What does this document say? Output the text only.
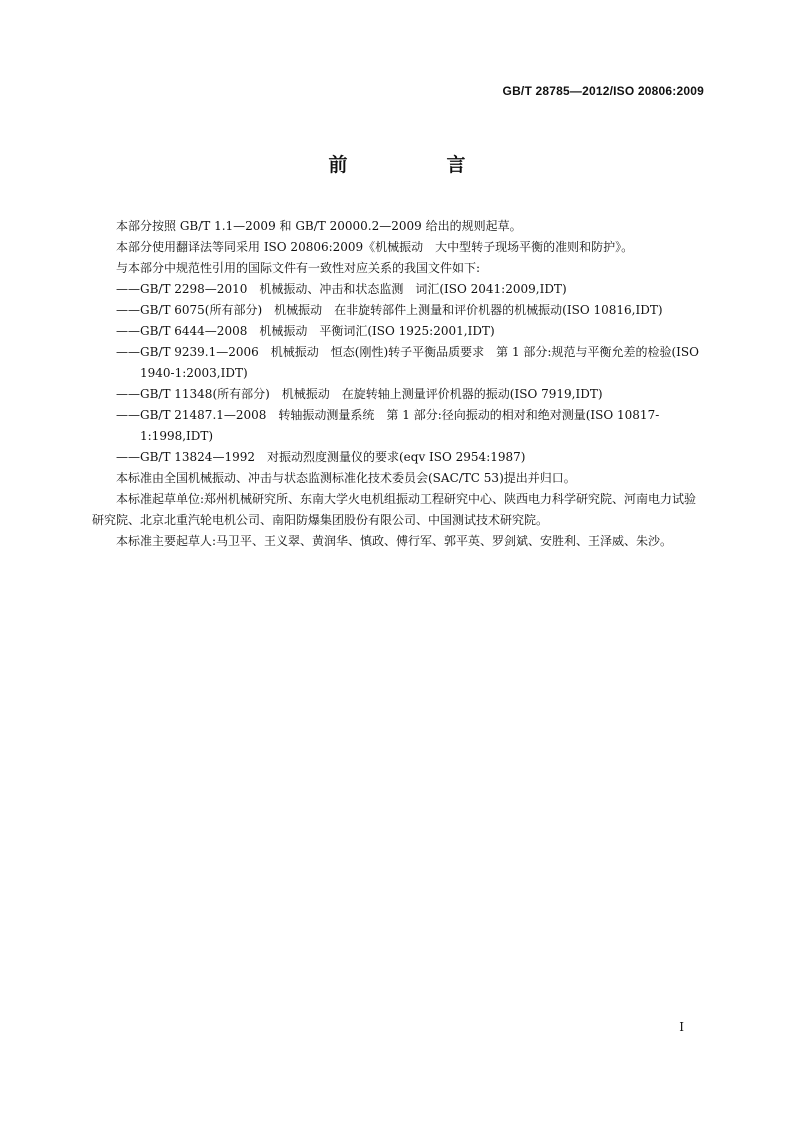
GB/T 28785—2012/ISO 20806:2009
前　言

本部分按照 GB/T 1.1—2009 和 GB/T 20000.2—2009 给出的规则起草。

本部分使用翻译法等同采用 ISO 20806:2009《机械振动　大中型转子现场平衡的准则和防护》。

与本部分中规范性引用的国际文件有一致性对应关系的我国文件如下:

——GB/T 2298—2010　机械振动、冲击和状态监测　词汇(ISO 2041:2009,IDT)

——GB/T 6075(所有部分)　机械振动　在非旋转部件上测量和评价机器的机械振动(ISO 10816,IDT)

——GB/T 6444—2008　机械振动　平衡词汇(ISO 1925:2001,IDT)

——GB/T 9239.1—2006　机械振动　恒态(刚性)转子平衡品质要求　第 1 部分:规范与平衡允差的检验(ISO 1940-1:2003,IDT)

——GB/T 11348(所有部分)　机械振动　在旋转轴上测量评价机器的振动(ISO 7919,IDT)

——GB/T 21487.1—2008　转轴振动测量系统　第 1 部分:径向振动的相对和绝对测量(ISO 10817-1:1998,IDT)

——GB/T 13824—1992　对振动烈度测量仪的要求(eqv ISO 2954:1987)

本标准由全国机械振动、冲击与状态监测标准化技术委员会(SAC/TC 53)提出并归口。

本标准起草单位:郑州机械研究所、东南大学火电机组振动工程研究中心、陕西电力科学研究院、河南电力试验研究院、北京北重汽轮电机公司、南阳防爆集团股份有限公司、中国测试技术研究院。

本标准主要起草人:马卫平、王义翠、黄润华、慎政、傅行军、郭平英、罗剑斌、安胜利、王泽威、朱沙。

I
